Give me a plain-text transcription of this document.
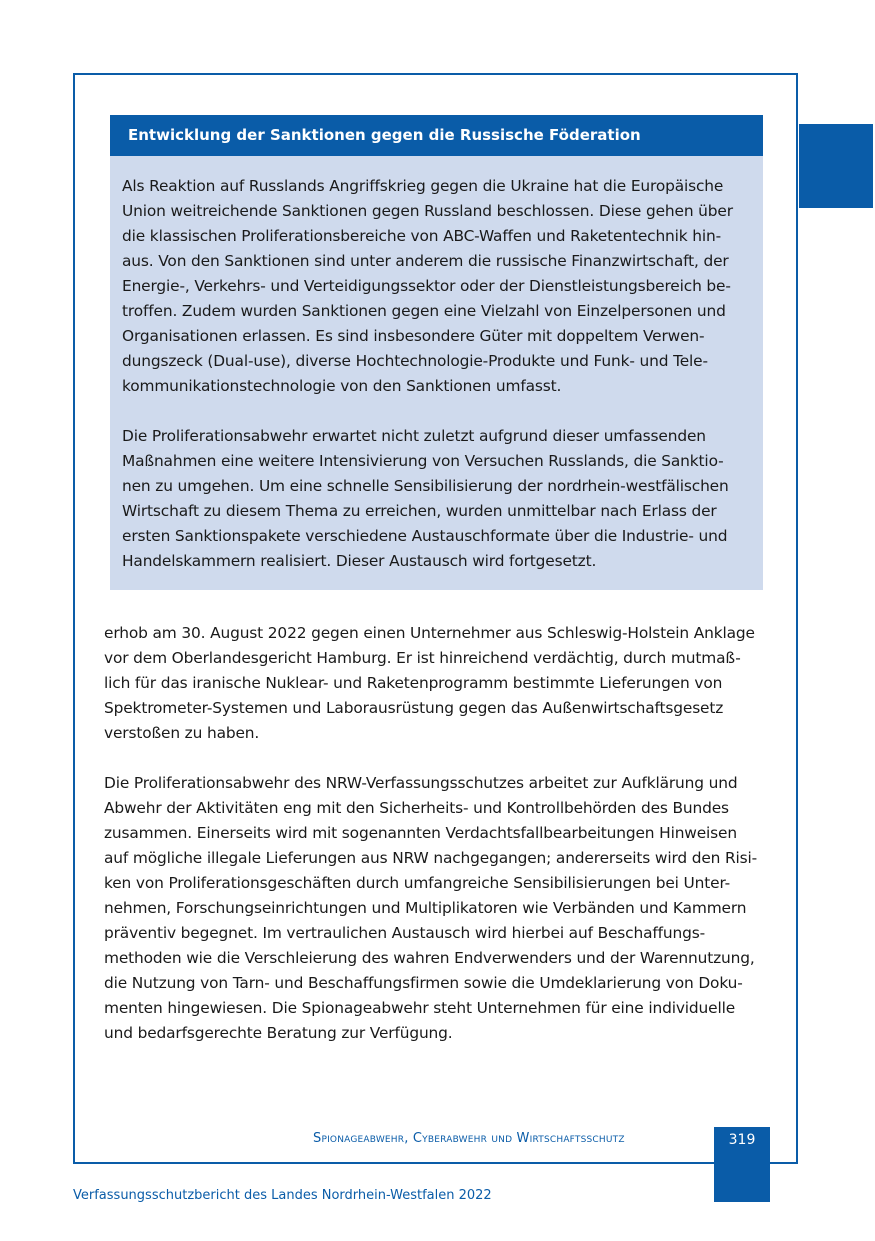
Entwicklung der Sanktionen gegen die Russische Föderation

Als Reaktion auf Russlands Angriffskrieg gegen die Ukraine hat die Europäische
Union weitreichende Sanktionen gegen Russland beschlossen. Diese gehen über
die klassischen Proliferationsbereiche von ABC-Waffen und Raketentechnik hin-
aus. Von den Sanktionen sind unter anderem die russische Finanzwirtschaft, der
Energie-, Verkehrs- und Verteidigungssektor oder der Dienstleistungsbereich be-
troffen. Zudem wurden Sanktionen gegen eine Vielzahl von Einzelpersonen und
Organisationen erlassen. Es sind insbesondere Güter mit doppeltem Verwen-
dungszeck (Dual-use), diverse Hochtechnologie-Produkte und Funk- und Tele-
kommunikationstechnologie von den Sanktionen umfasst.

Die Proliferationsabwehr erwartet nicht zuletzt aufgrund dieser umfassenden
Maßnahmen eine weitere Intensivierung von Versuchen Russlands, die Sanktio-
nen zu umgehen. Um eine schnelle Sensibilisierung der nordrhein-westfälischen
Wirtschaft zu diesem Thema zu erreichen, wurden unmittelbar nach Erlass der
ersten Sanktionspakete verschiedene Austauschformate über die Industrie- und
Handelskammern realisiert. Dieser Austausch wird fortgesetzt.

erhob am 30. August 2022 gegen einen Unternehmer aus Schleswig-Holstein Anklage
vor dem Oberlandesgericht Hamburg. Er ist hinreichend verdächtig, durch mutmaß-
lich für das iranische Nuklear- und Raketenprogramm bestimmte Lieferungen von
Spektrometer-Systemen und Laborausrüstung gegen das Außenwirtschaftsgesetz
verstoßen zu haben.

Die Proliferationsabwehr des NRW-Verfassungsschutzes arbeitet zur Aufklärung und
Abwehr der Aktivitäten eng mit den Sicherheits- und Kontrollbehörden des Bundes
zusammen. Einerseits wird mit sogenannten Verdachtsfallbearbeitungen Hinweisen
auf mögliche illegale Lieferungen aus NRW nachgegangen; andererseits wird den Risi-
ken von Proliferationsgeschäften durch umfangreiche Sensibilisierungen bei Unter-
nehmen, Forschungseinrichtungen und Multiplikatoren wie Verbänden und Kammern
präventiv begegnet. Im vertraulichen Austausch wird hierbei auf Beschaffungs-
methoden wie die Verschleierung des wahren Endverwenders und der Warennutzung,
die Nutzung von Tarn- und Beschaffungsfirmen sowie die Umdeklarierung von Doku-
menten hingewiesen. Die Spionageabwehr steht Unternehmen für eine individuelle
und bedarfsgerechte Beratung zur Verfügung.

Spionageabwehr, Cyberabwehr und Wirtschaftsschutz	319
Verfassungsschutzbericht des Landes Nordrhein-Westfalen 2022
